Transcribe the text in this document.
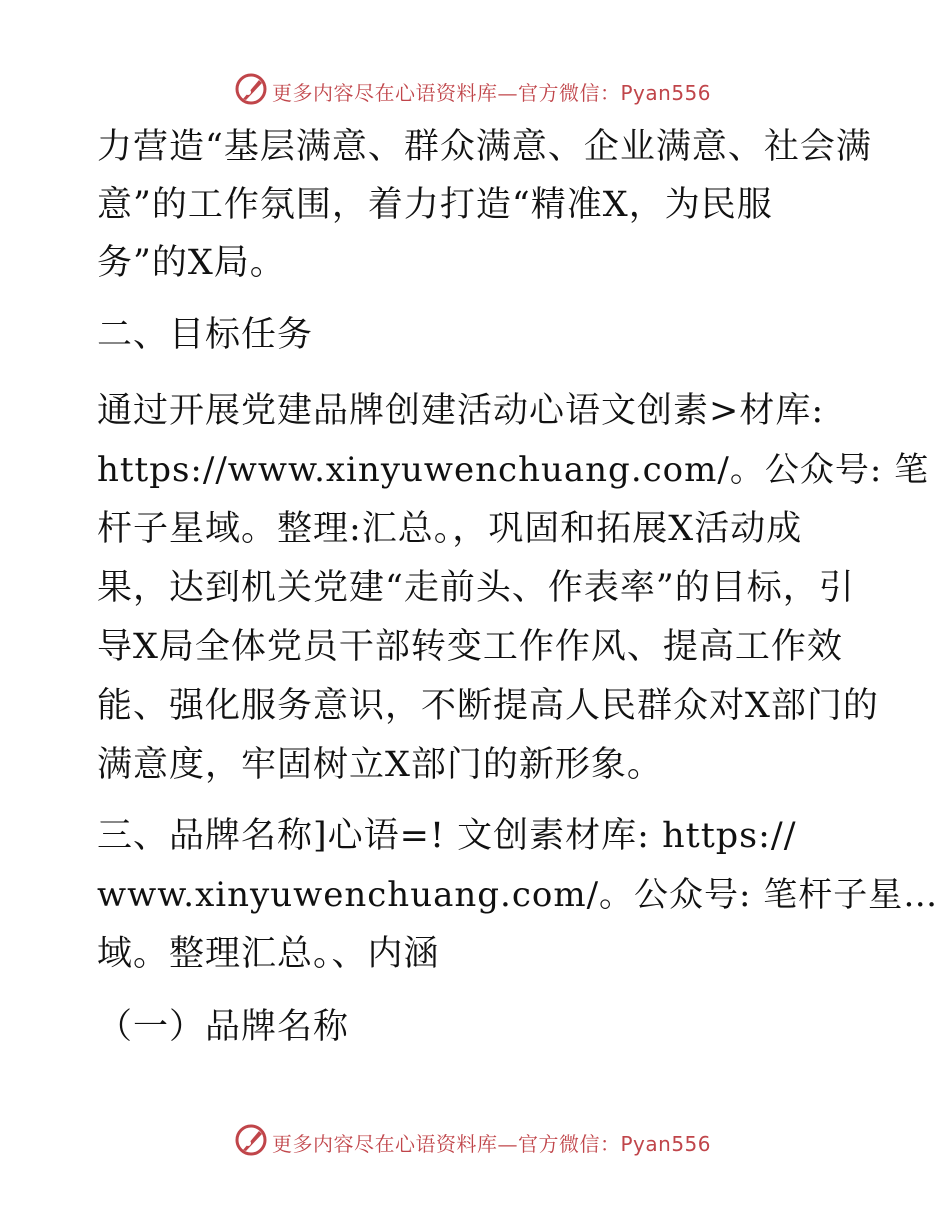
更多内容尽在心语资料库—官方微信：Pyan556
力营造“基层满意、群众满意、企业满意、社会满
意”的工作氛围，着力打造“精准X，为民服
务”的X局。
二、目标任务
通过开展党建品牌创建活动心语文创素>材库:
https://www.xinyuwenchuang.com/。公众号: 笔
杆子星域。整理:汇总。，巩固和拓展X活动成
果，达到机关党建“走前头、作表率”的目标，引
导X局全体党员干部转变工作作风、提高工作效
能、强化服务意识，不断提高人民群众对X部门的
满意度，牢固树立X部门的新形象。
三、品牌名称]心语=! 文创素材库: https://
www.xinyuwenchuang.com/。公众号: 笔杆子星…
域。整理汇总。、内涵
（一）品牌名称
更多内容尽在心语资料库—官方微信：Pyan556
